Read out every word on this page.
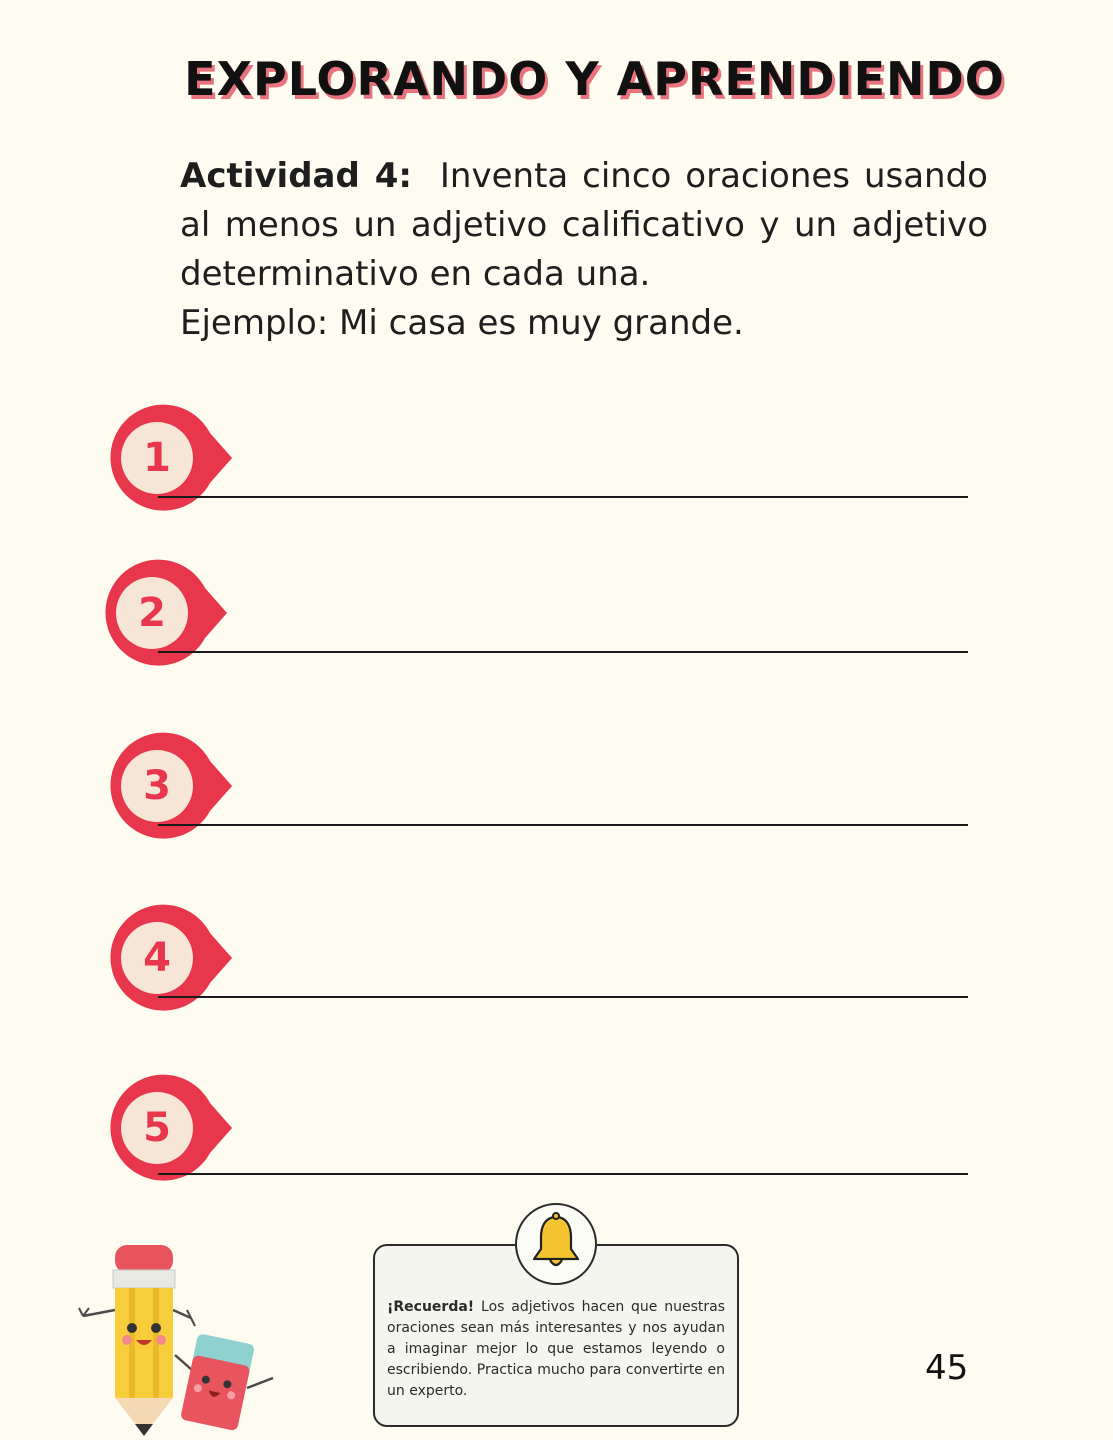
EXPLORANDO Y APRENDIENDO

Actividad 4: Inventa cinco oraciones usando al menos un adjetivo calificativo y un adjetivo determinativo en cada una.

Ejemplo: Mi casa es muy grande.

1
2
3
4
5
¡Recuerda! Los adjetivos hacen que nuestras oraciones sean más interesantes y nos ayudan a imaginar mejor lo que estamos leyendo o escribiendo. Practica mucho para convertirte en un experto.
45
